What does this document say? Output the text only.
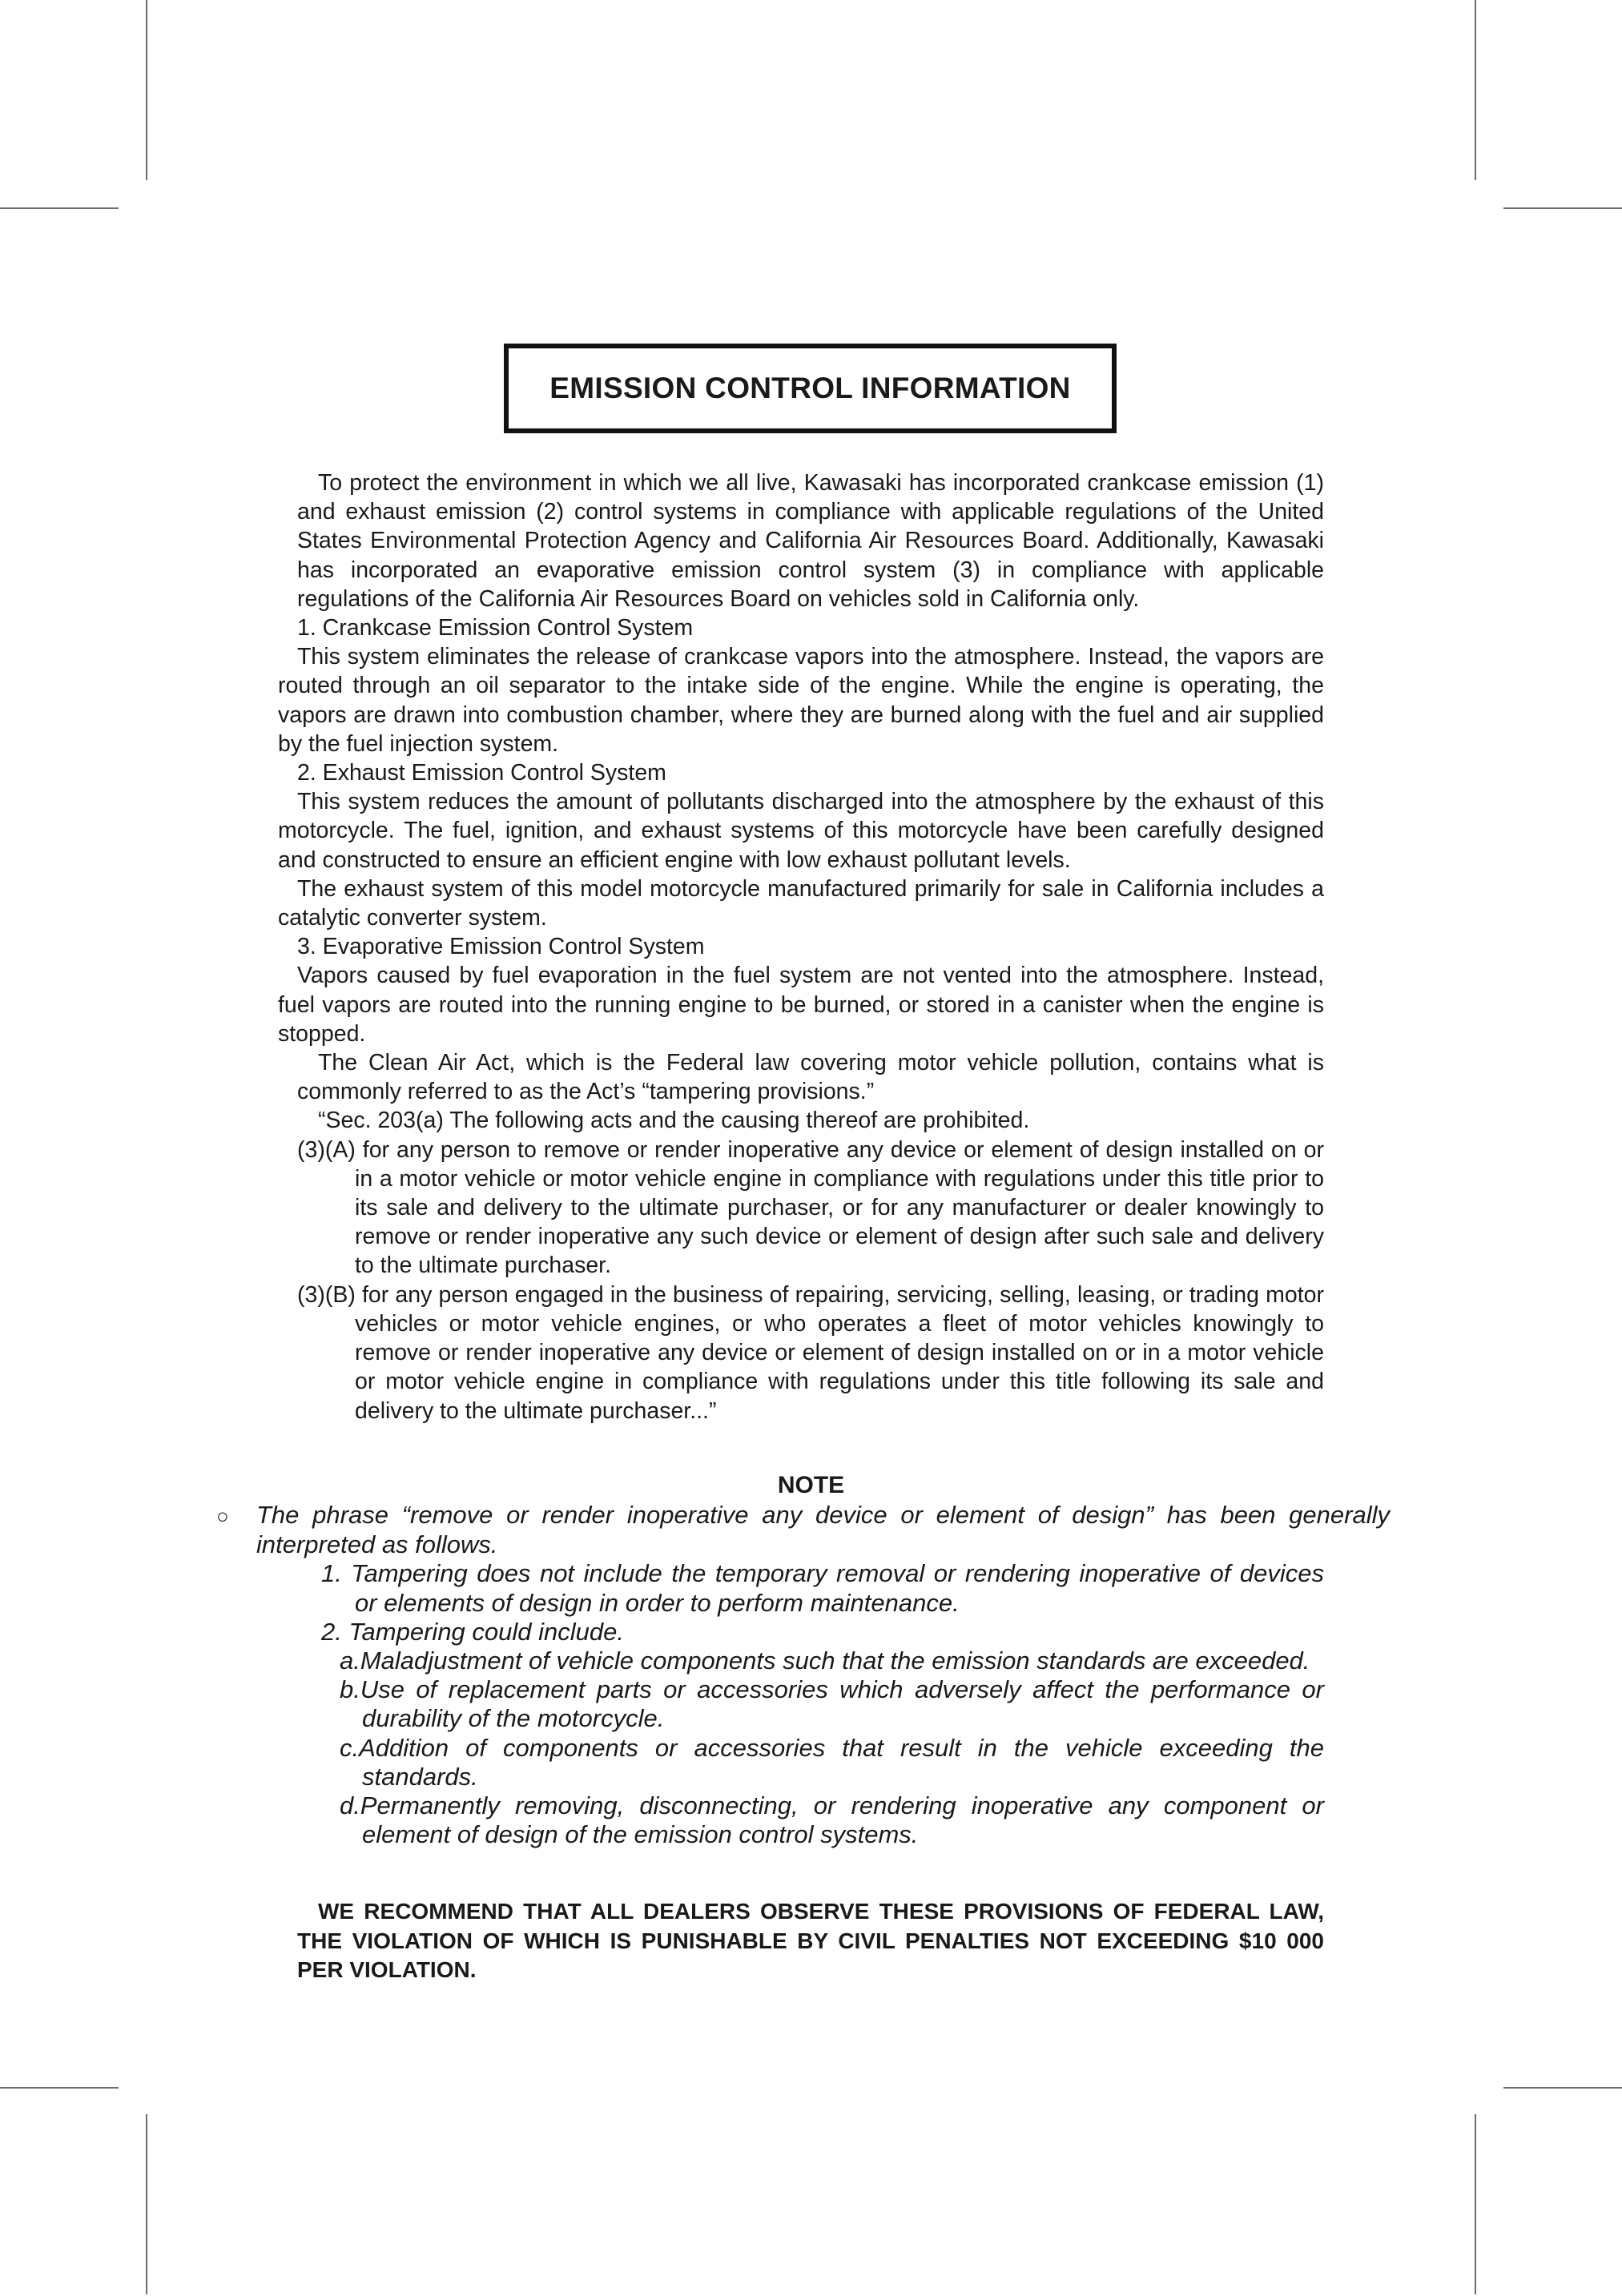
EMISSION CONTROL INFORMATION

To protect the environment in which we all live, Kawasaki has incorporated crankcase emission (1) and exhaust emission (2) control systems in compliance with applicable regulations of the United States Environmental Protection Agency and California Air Resources Board. Additionally, Kawasaki has incorporated an evaporative emission control system (3) in compliance with applicable regulations of the California Air Resources Board on vehicles sold in California only.

1. Crankcase Emission Control System

This system eliminates the release of crankcase vapors into the atmosphere. Instead, the vapors are routed through an oil separator to the intake side of the engine. While the engine is operating, the vapors are drawn into combustion chamber, where they are burned along with the fuel and air supplied by the fuel injection system.

2. Exhaust Emission Control System

This system reduces the amount of pollutants discharged into the atmosphere by the exhaust of this motorcycle. The fuel, ignition, and exhaust systems of this motorcycle have been carefully designed and constructed to ensure an efficient engine with low exhaust pollutant levels.

The exhaust system of this model motorcycle manufactured primarily for sale in California includes a catalytic converter system.

3. Evaporative Emission Control System

Vapors caused by fuel evaporation in the fuel system are not vented into the atmosphere. Instead, fuel vapors are routed into the running engine to be burned, or stored in a canister when the engine is stopped.

The Clean Air Act, which is the Federal law covering motor vehicle pollution, contains what is commonly referred to as the Act’s “tampering provisions.”

“Sec. 203(a) The following acts and the causing thereof are prohibited.

(3)(A) for any person to remove or render inoperative any device or element of design installed on or in a motor vehicle or motor vehicle engine in compliance with regulations under this title prior to its sale and delivery to the ultimate purchaser, or for any manufacturer or dealer knowingly to remove or render inoperative any such device or element of design after such sale and delivery to the ultimate purchaser.

(3)(B) for any person engaged in the business of repairing, servicing, selling, leasing, or trading motor vehicles or motor vehicle engines, or who operates a fleet of motor vehicles knowingly to remove or render inoperative any device or element of design installed on or in a motor vehicle or motor vehicle engine in compliance with regulations under this title following its sale and delivery to the ultimate purchaser...”

NOTE

○ The phrase “remove or render inoperative any device or element of design” has been generally interpreted as follows.

1. Tampering does not include the temporary removal or rendering inoperative of devices or elements of design in order to perform maintenance.

2. Tampering could include.

a.Maladjustment of vehicle components such that the emission standards are exceeded.

b.Use of replacement parts or accessories which adversely affect the performance or durability of the motorcycle.

c.Addition of components or accessories that result in the vehicle exceeding the standards.

d.Permanently removing, disconnecting, or rendering inoperative any component or element of design of the emission control systems.

WE RECOMMEND THAT ALL DEALERS OBSERVE THESE PROVISIONS OF FEDERAL LAW, THE VIOLATION OF WHICH IS PUNISHABLE BY CIVIL PENALTIES NOT EXCEEDING $10 000 PER VIOLATION.
